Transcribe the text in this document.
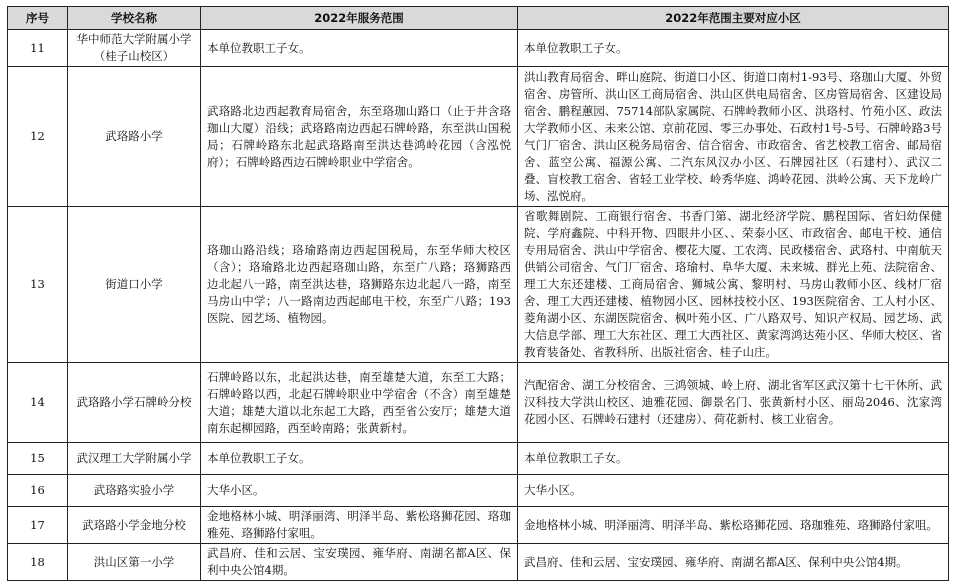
序号	学校名称	2022年服务范围	2022年范围主要对应小区
11	华中师范大学附属小学（桂子山校区）	本单位教职工子女。	本单位教职工子女。
12	武珞路小学	武珞路北边西起教育局宿舍，东至珞珈山路口（止于井含珞珈山大厦）沿线；武珞路南边西起石牌岭路，东至洪山国税局；石牌岭路东北起武珞路南至洪达巷鸿岭花园（含泓悦府）；石牌岭路西边石牌岭职业中学宿舍。	洪山教育局宿舍、畔山庭院、街道口小区、街道口南村1-93号、珞珈山大厦、外贸宿舍、房管所、洪山区工商局宿舍、洪山区供电局宿舍、区房管局宿舍、区建设局宿舍、鹏程蕙园、75714部队家属院、石牌岭教师小区、洪珞村、竹苑小区、政法大学教师小区、未来公馆、京前花园、零三办事处、石政村1号-5号、石牌岭路3号气门厂宿舍、洪山区税务局宿舍、信合宿舍、市政宿舍、省艺校教工宿舍、邮局宿舍、蓝空公寓、福源公寓、二汽东风汉办小区、石牌园社区（石建村）、武汉二叠、盲校教工宿舍、省轻工业学校、岭秀华庭、鸿岭花园、洪岭公寓、天下龙岭广场、泓悦府。
13	街道口小学	珞珈山路沿线；珞瑜路南边西起国税局，东至华师大校区（含）；珞瑜路北边西起珞珈山路，东至广八路；珞狮路西边北起八一路，南至洪达巷，珞狮路东边北起八一路，南至马房山中学；八一路南边西起邮电干校，东至广八路；193医院、园艺场、植物园。	省歌舞剧院、工商银行宿舍、书香门第、湖北经济学院、鹏程国际、省妇幼保健院、学府鑫院、中科开物、四眼井小区、、荣泰小区、市政宿舍、邮电干校、通信专用局宿舍、洪山中学宿舍、樱花大厦、工农湾、民政楼宿舍、武珞村、中南航天供销公司宿舍、气门厂宿舍、珞瑜村、阜华大厦、未来城、群光上苑、法院宿舍、理工大东还建楼、工商局宿舍、狮城公寓、黎明村、马房山教师小区、线材厂宿舍、理工大西还建楼、植物园小区、园林技校小区、193医院宿舍、工人村小区、菱角湖小区、东湖医院宿舍、枫叶苑小区、广八路双号、知识产权局、园艺场、武大信息学部、理工大东社区、理工大西社区、黄家湾鸿达苑小区、华师大校区、省教育装备处、省教科所、出版社宿舍、桂子山庄。
14	武珞路小学石牌岭分校	石牌岭路以东，北起洪达巷，南至雄楚大道，东至工大路；石牌岭路以西，北起石牌岭职业中学宿舍（不含）南至雄楚大道；雄楚大道以北东起工大路，西至省公安厅；雄楚大道南东起柳园路，西至岭南路；张黄新村。	汽配宿舍、湖工分校宿舍、三鸿领城、岭上府、湖北省军区武汉第十七干休所、武汉科技大学洪山校区、迪雅花园、御景名门、张黄新村小区、丽岛2046、沈家湾花园小区、石牌岭石建村（还建房）、荷花新村、核工业宿舍。
15	武汉理工大学附属小学	本单位教职工子女。	本单位教职工子女。
16	武珞路实验小学	大华小区。	大华小区。
17	武珞路小学金地分校	金地格林小城、明泽丽湾、明泽半岛、紫松珞狮花园、珞珈雅苑、珞狮路付家咀。	金地格林小城、明泽丽湾、明泽半岛、紫松珞狮花园、珞珈雅苑、珞狮路付家咀。
18	洪山区第一小学	武昌府、佳和云居、宝安璞园、雍华府、南湖名都A区、保利中央公馆4期。	武昌府、佳和云居、宝安璞园、雍华府、南湖名都A区、保利中央公馆4期。
